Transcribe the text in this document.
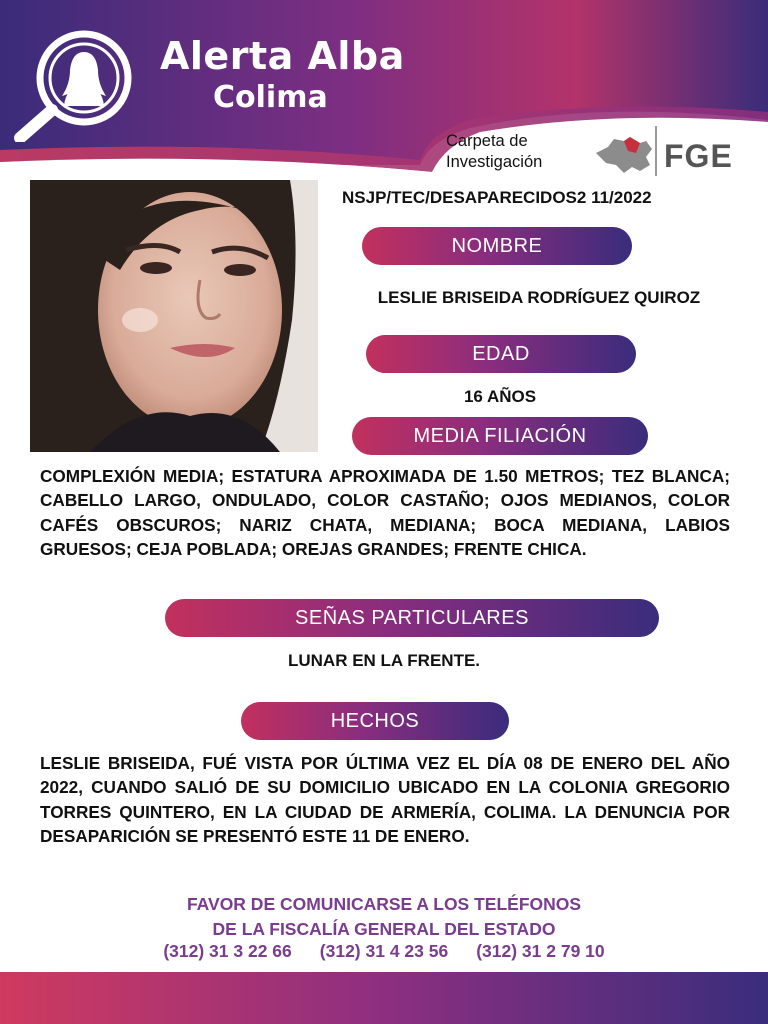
Alerta Alba
Colima
Carpeta de
Investigación	FGE
NSJP/TEC/DESAPARECIDOS2 11/2022
NOMBRE
LESLIE BRISEIDA RODRÍGUEZ QUIROZ
EDAD
16 AÑOS
MEDIA FILIACIÓN
COMPLEXIÓN MEDIA; ESTATURA APROXIMADA DE 1.50 METROS; TEZ BLANCA; CABELLO LARGO, ONDULADO, COLOR CASTAÑO; OJOS MEDIANOS, COLOR CAFÉS OBSCUROS; NARIZ CHATA, MEDIANA; BOCA MEDIANA, LABIOS GRUESOS; CEJA POBLADA; OREJAS GRANDES; FRENTE CHICA.
SEÑAS PARTICULARES
LUNAR EN LA FRENTE.
HECHOS
LESLIE BRISEIDA, FUÉ VISTA POR ÚLTIMA VEZ EL DÍA 08 DE ENERO DEL AÑO 2022, CUANDO SALIÓ DE SU DOMICILIO UBICADO EN LA COLONIA GREGORIO TORRES QUINTERO, EN LA CIUDAD DE ARMERÍA, COLIMA. LA DENUNCIA POR DESAPARICIÓN SE PRESENTÓ ESTE 11 DE ENERO.
FAVOR DE COMUNICARSE A LOS TELÉFONOS
DE LA FISCALÍA GENERAL DEL ESTADO
(312) 31 3 22 66 (312) 31 4 23 56 (312) 31 2 79 10
